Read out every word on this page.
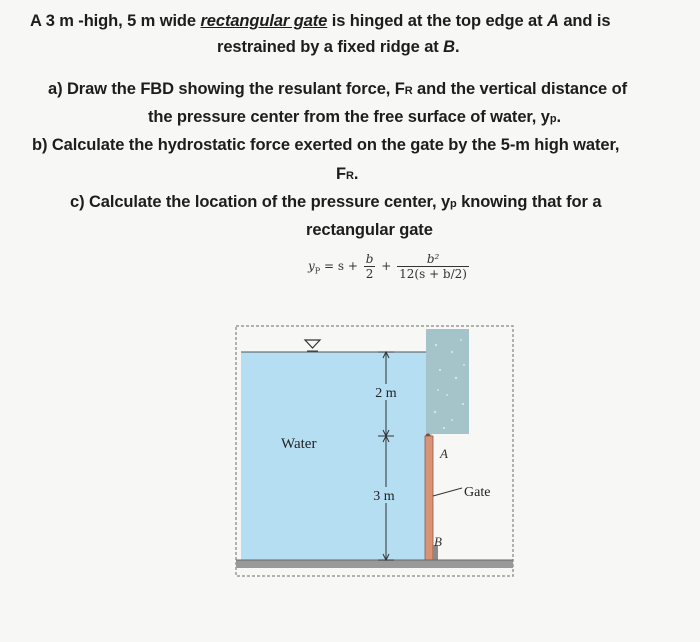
A 3 m -high, 5 m wide rectangular gate is hinged at the top edge at A and is
restrained by a fixed ridge at B.
a) Draw the FBD showing the resulant force, FR and the vertical distance of
the pressure center from the free surface of water, yp.
b) Calculate the hydrostatic force exerted on the gate by the 5-m high water,
FR.
c) Calculate the location of the pressure center, yp knowing that for a
rectangular gate
$y_P = s + \frac{b}{2} + \frac{\text{b²}}{12(s + b/2)}$
2 m
3 m
Water
A
B
Gate
